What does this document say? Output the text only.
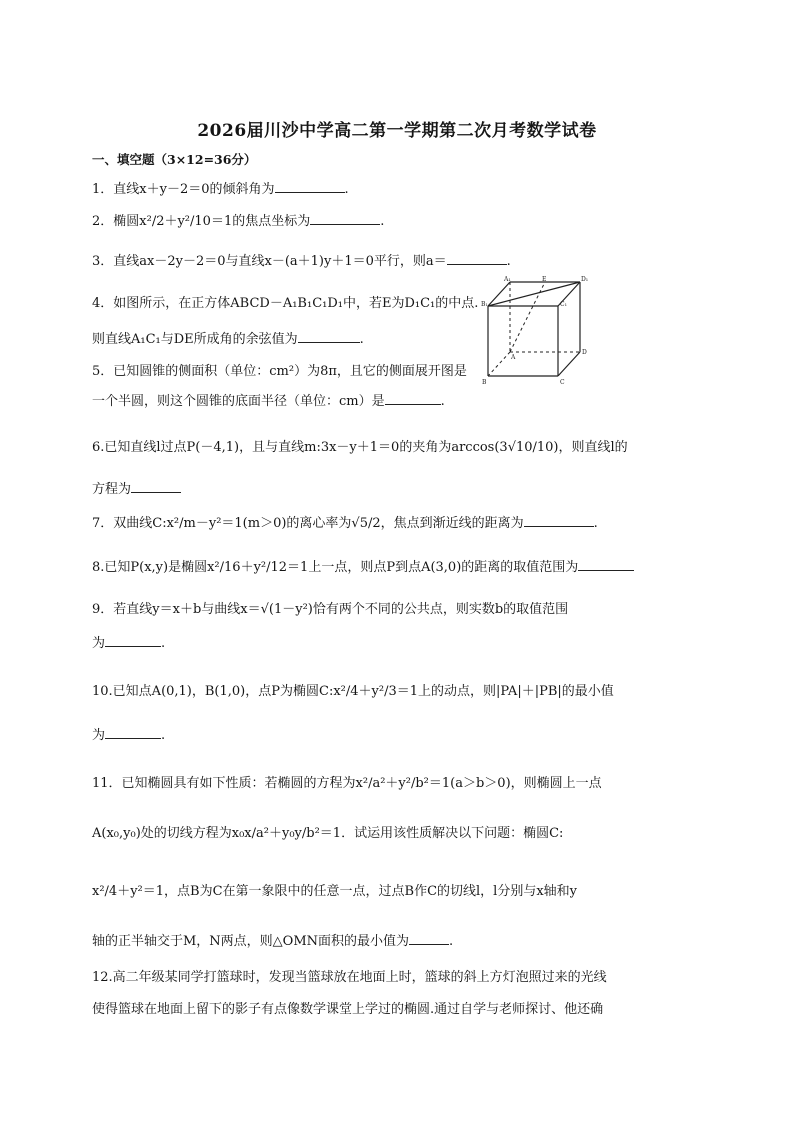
2026届川沙中学高二第一学期第二次月考数学试卷
一、填空题（3×12=36分）
1．直线x＋y－2＝0的倾斜角为	.
2．椭圆x²/2＋y²/10＝1的焦点坐标为	.
3．直线ax－2y－2＝0与直线x－(a＋1)y＋1＝0平行，则a＝	.
4．如图所示，在正方体ABCD－A₁B₁C₁D₁中，若E为D₁C₁的中点.
则直线A₁C₁与DE所成角的余弦值为	.
5．已知圆锥的侧面积（单位：cm²）为8π，且它的侧面展开图是
一个半圆，则这个圆锥的底面半径（单位：cm）是	.
6.已知直线l过点P(－4,1)，且与直线m:3x－y＋1＝0的夹角为arccos(3√10/10)，则直线l的
方程为
7．双曲线C:x²/m－y²＝1(m＞0)的离心率为√5/2，焦点到渐近线的距离为	.
8.已知P(x,y)是椭圆x²/16＋y²/12＝1上一点，则点P到点A(3,0)的距离的取值范围为
9．若直线y＝x＋b与曲线x＝√(1－y²)恰有两个不同的公共点，则实数b的取值范围
为	.
10.已知点A(0,1)，B(1,0)，点P为椭圆C:x²/4＋y²/3＝1上的动点，则|PA|＋|PB|的最小值
为	.
11．已知椭圆具有如下性质：若椭圆的方程为x²/a²＋y²/b²＝1(a＞b＞0)，则椭圆上一点
A(x₀,y₀)处的切线方程为x₀x/a²＋y₀y/b²＝1．试运用该性质解决以下问题：椭圆C:
x²/4＋y²＝1，点B为C在第一象限中的任意一点，过点B作C的切线l，l分别与x轴和y
轴的正半轴交于M，N两点，则△OMN面积的最小值为	.
12.高二年级某同学打篮球时，发现当篮球放在地面上时，篮球的斜上方灯泡照过来的光线
使得篮球在地面上留下的影子有点像数学课堂上学过的椭圆.通过自学与老师探讨、他还确
A₁	E	D₁
B₁	C₁
A
D
B	C
